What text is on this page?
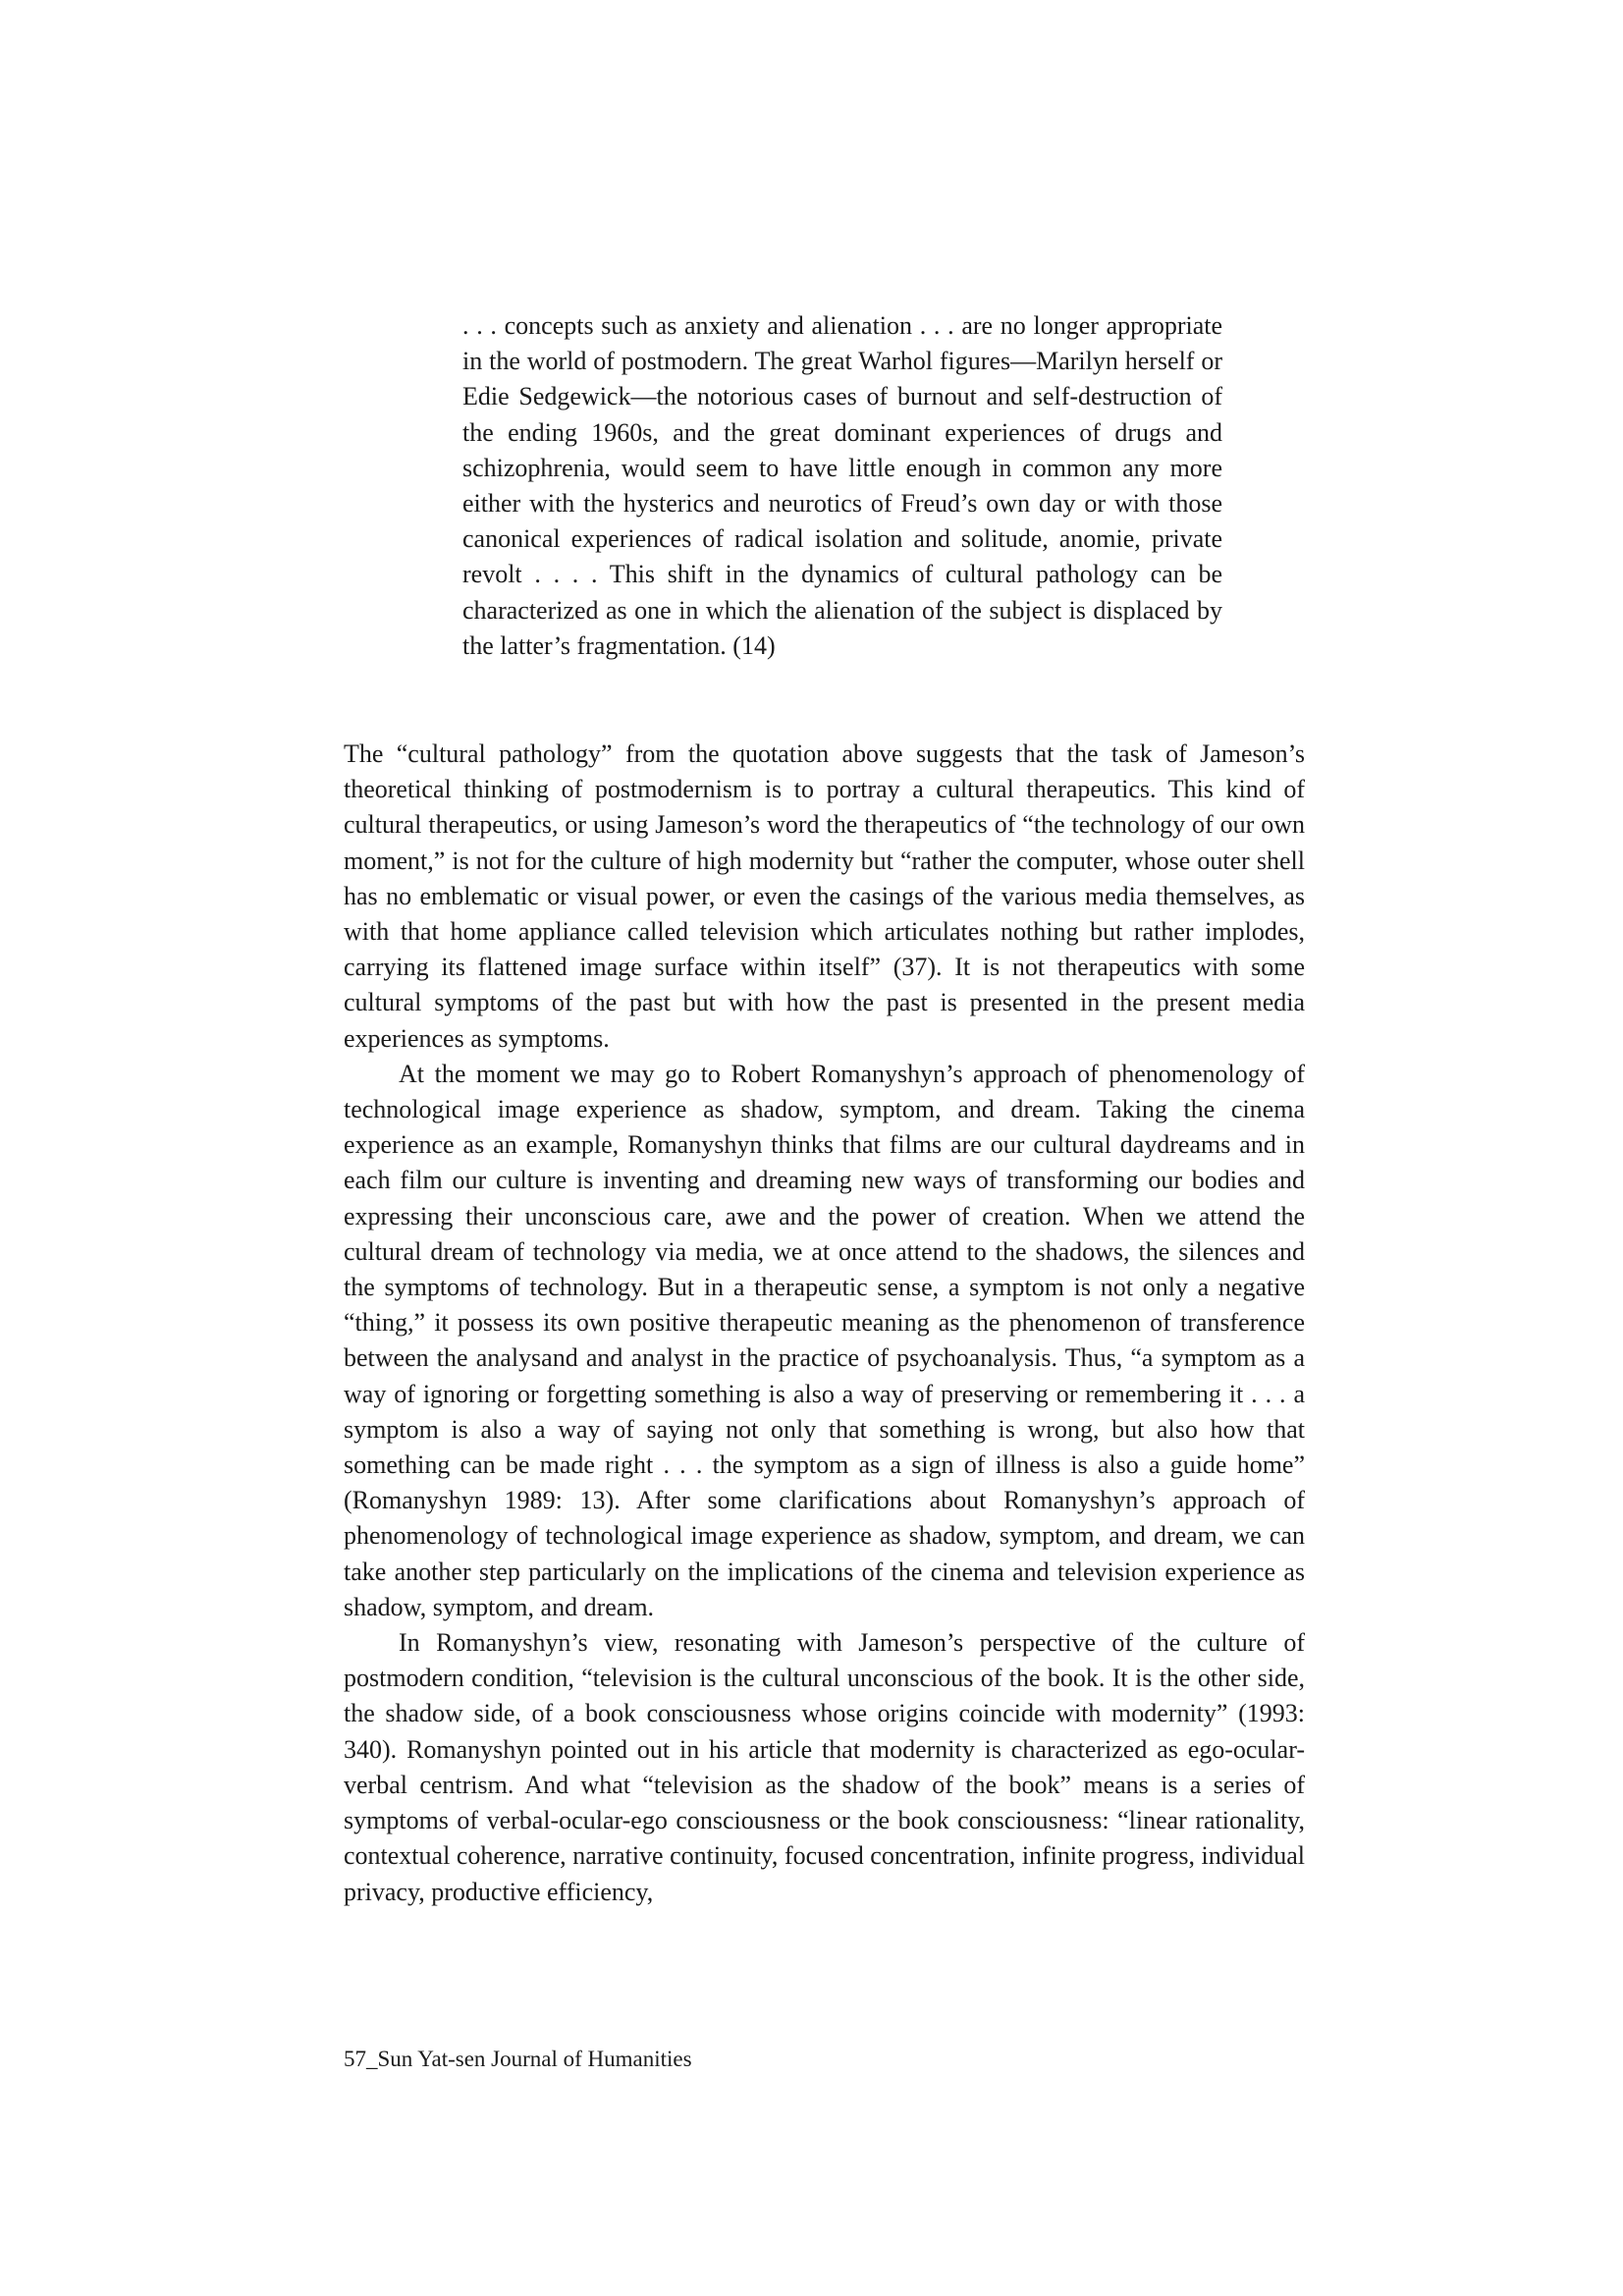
. . . concepts such as anxiety and alienation . . . are no longer appropriate in the world of postmodern. The great Warhol figures—Marilyn herself or Edie Sedgewick—the notorious cases of burnout and self-destruction of the ending 1960s, and the great dominant experiences of drugs and schizophrenia, would seem to have little enough in common any more either with the hysterics and neurotics of Freud’s own day or with those canonical experiences of radical isolation and solitude, anomie, private revolt . . . . This shift in the dynamics of cultural pathology can be characterized as one in which the alienation of the subject is displaced by the latter’s fragmentation. (14)

The “cultural pathology” from the quotation above suggests that the task of Jameson’s theoretical thinking of postmodernism is to portray a cultural therapeutics. This kind of cultural therapeutics, or using Jameson’s word the therapeutics of “the technology of our own moment,” is not for the culture of high modernity but “rather the computer, whose outer shell has no emblematic or visual power, or even the casings of the various media themselves, as with that home appliance called television which articulates nothing but rather implodes, carrying its flattened image surface within itself” (37). It is not therapeutics with some cultural symptoms of the past but with how the past is presented in the present media experiences as symptoms.

At the moment we may go to Robert Romanyshyn’s approach of phenomenology of technological image experience as shadow, symptom, and dream. Taking the cinema experience as an example, Romanyshyn thinks that films are our cultural daydreams and in each film our culture is inventing and dreaming new ways of transforming our bodies and expressing their unconscious care, awe and the power of creation. When we attend the cultural dream of technology via media, we at once attend to the shadows, the silences and the symptoms of technology. But in a therapeutic sense, a symptom is not only a negative “thing,” it possess its own positive therapeutic meaning as the phenomenon of transference between the analysand and analyst in the practice of psychoanalysis. Thus, “a symptom as a way of ignoring or forgetting something is also a way of preserving or remembering it . . . a symptom is also a way of saying not only that something is wrong, but also how that something can be made right . . . the symptom as a sign of illness is also a guide home” (Romanyshyn 1989: 13). After some clarifications about Romanyshyn’s approach of phenomenology of technological image experience as shadow, symptom, and dream, we can take another step particularly on the implications of the cinema and television experience as shadow, symptom, and dream.

In Romanyshyn’s view, resonating with Jameson’s perspective of the culture of postmodern condition, “television is the cultural unconscious of the book. It is the other side, the shadow side, of a book consciousness whose origins coincide with modernity” (1993: 340). Romanyshyn pointed out in his article that modernity is characterized as ego-ocular-verbal centrism. And what “television as the shadow of the book” means is a series of symptoms of verbal-ocular-ego consciousness or the book consciousness: “linear rationality, contextual coherence, narrative continuity, focused concentration, infinite progress, individual privacy, productive efficiency,

57_Sun Yat-sen Journal of Humanities
